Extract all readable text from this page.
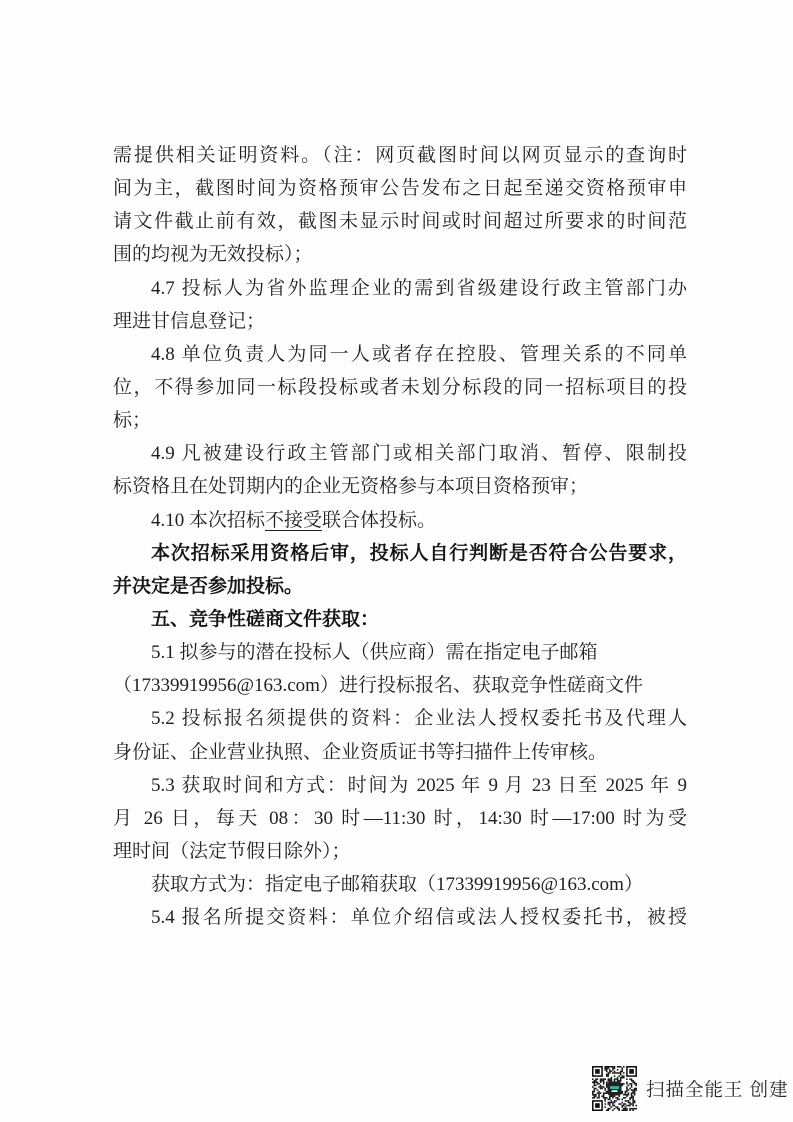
需提供相关证明资料。（注：网页截图时间以网页显示的查询时
间为主，截图时间为资格预审公告发布之日起至递交资格预审申
请文件截止前有效，截图未显示时间或时间超过所要求的时间范
围的均视为无效投标）；
4.7 投标人为省外监理企业的需到省级建设行政主管部门办
理进甘信息登记；
4.8 单位负责人为同一人或者存在控股、管理关系的不同单
位，不得参加同一标段投标或者未划分标段的同一招标项目的投
标；
4.9 凡被建设行政主管部门或相关部门取消、暂停、限制投
标资格且在处罚期内的企业无资格参与本项目资格预审；
4.10 本次招标不接受联合体投标。
本次招标采用资格后审，投标人自行判断是否符合公告要求，
并决定是否参加投标。
五、竞争性磋商文件获取：
5.1 拟参与的潜在投标人（供应商）需在指定电子邮箱
（17339919956@163.com）进行投标报名、获取竞争性磋商文件
5.2 投标报名须提供的资料：企业法人授权委托书及代理人
身份证、企业营业执照、企业资质证书等扫描件上传审核。
5.3 获取时间和方式：时间为 2025 年 9 月 23 日至 2025 年 9
月 26 日，每天 08：30 时—11:30 时，14:30 时—17:00 时为受
理时间（法定节假日除外）；
获取方式为：指定电子邮箱获取（17339919956@163.com）
5.4 报名所提交资料：单位介绍信或法人授权委托书，被授
扫描全能王 创建
